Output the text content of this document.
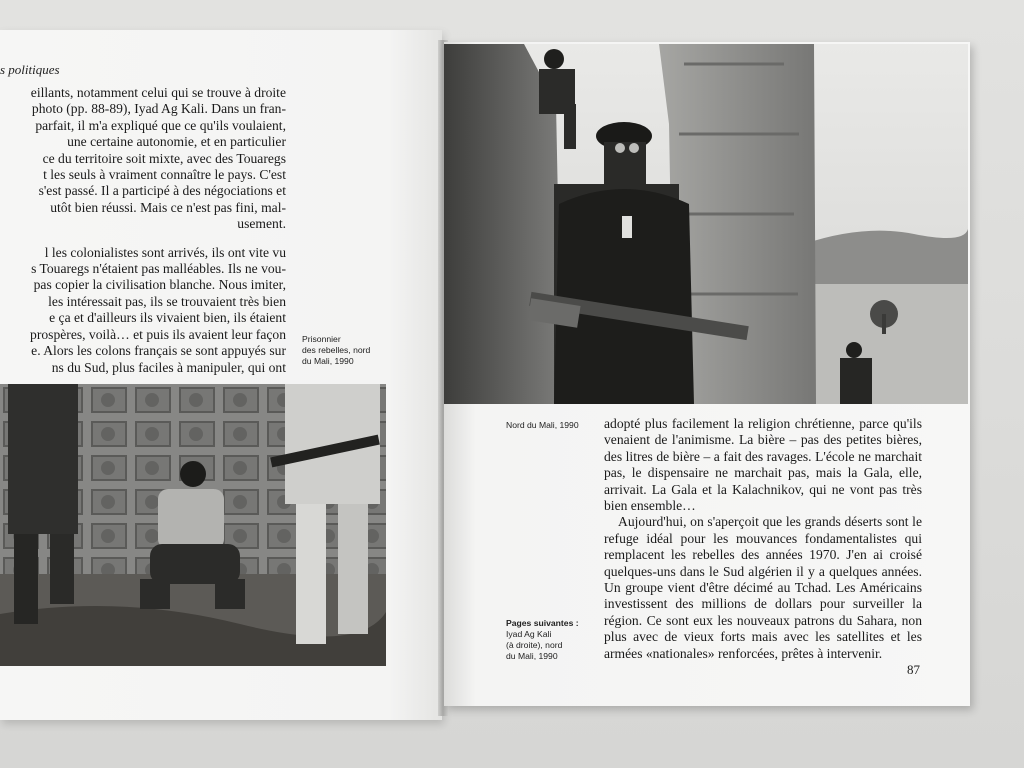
s politiques
eillants, notamment celui qui se trouve à droite
photo (pp. 88-89), Iyad Ag Kali. Dans un fran-
parfait, il m'a expliqué que ce qu'ils voulaient,
une certaine autonomie, et en particulier
ce du territoire soit mixte, avec des Touaregs
t les seuls à vraiment connaître le pays. C'est
s'est passé. Il a participé à des négociations et
utôt bien réussi. Mais ce n'est pas fini, mal-
usement.
l les colonialistes sont arrivés, ils ont vite vu
s Touaregs n'étaient pas malléables. Ils ne vou-
pas copier la civilisation blanche. Nous imiter,
les intéressait pas, ils se trouvaient très bien
e ça et d'ailleurs ils vivaient bien, ils étaient
prospères, voilà… et puis ils avaient leur façon
e. Alors les colons français se sont appuyés sur
ns du Sud, plus faciles à manipuler, qui ont
Prisonnier
des rebelles, nord
du Mali, 1990
Nord du Mali, 1990 adopté plus facilement la religion chrétienne, parce qu'ils venaient de l'animisme. La bière – pas des petites bières, des litres de bière – a fait des ravages. L'école ne marchait pas, le dispensaire ne marchait pas, mais la Gala, elle, arrivait. La Gala et la Kalachnikov, qui ne vont pas très bien ensemble…

Aujourd'hui, on s'aperçoit que les grands déserts sont le refuge idéal pour les mouvances fondamentalistes qui remplacent les rebelles des années 1970. J'en ai croisé quelques-uns dans le Sud algérien il y a quelques années. Un groupe vient d'être décimé au Tchad. Les Américains investissent des millions de dollars pour surveiller la région. Ce sont eux les nouveaux patrons du Sahara, non plus avec de vieux forts mais avec les satellites et les armées «nationales» renforcées, prêtes à intervenir.

Pages suivantes :
Iyad Ag Kali
(à droite), nord
du Mali, 1990
87
